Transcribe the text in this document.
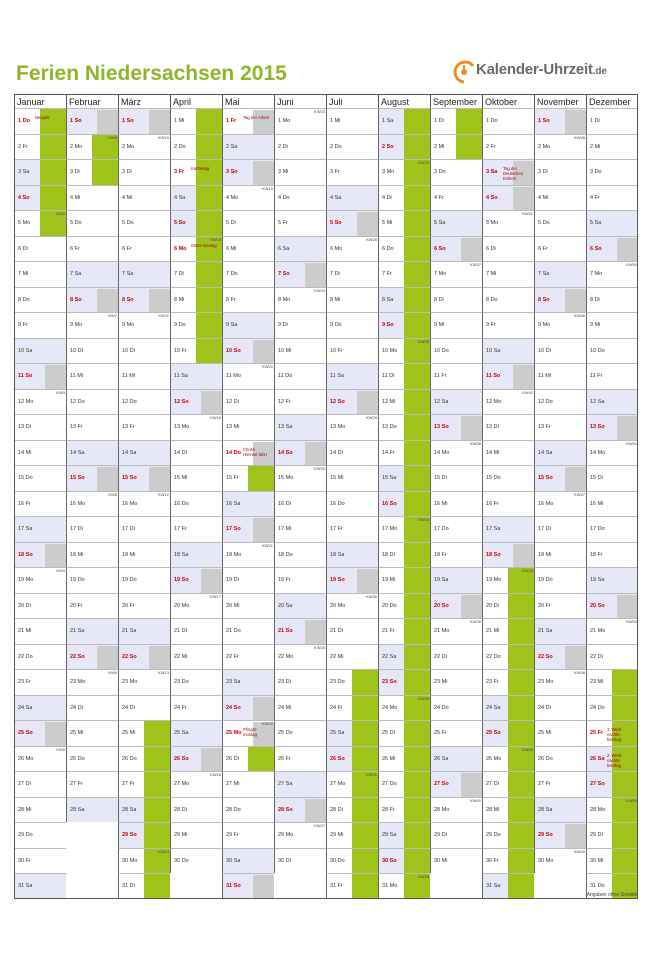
Ferien Niedersachsen 2015	Kalender-Uhrzeit.de
Januar
1 Do
Neujahr
2 Fr
3 Sa
4 So
5 Mo
KW2
6 Di
7 Mi
8 Do
9 Fr
10 Sa
11 So
12 Mo
KW3
13 Di
14 Mi
15 Do
16 Fr
17 Sa
18 So
19 Mo
KW4
20 Di
21 Mi
22 Do
23 Fr
24 Sa
25 So
26 Mo
KW5
27 Di
28 Mi
29 Do
30 Fr
31 Sa
Februar
1 So
2 Mo
KW6
3 Di
4 Mi
5 Do
6 Fr
7 Sa
8 So
9 Mo
KW7
10 Di
11 Mi
12 Do
13 Fr
14 Sa
15 So
16 Mo
KW8
17 Di
18 Mi
19 Do
20 Fr
21 Sa
22 So
23 Mo
KW9
24 Di
25 Mi
26 Do
27 Fr
28 Sa
März
1 So
2 Mo
KW10
3 Di
4 Mi
5 Do
6 Fr
7 Sa
8 So
9 Mo
KW11
10 Di
11 Mi
12 Do
13 Fr
14 Sa
15 So
16 Mo
KW12
17 Di
18 Mi
19 Do
20 Fr
21 Sa
22 So
23 Mo
KW13
24 Di
25 Mi
26 Do
27 Fr
28 Sa
29 So
30 Mo
KW14
31 Di
April
1 Mi
2 Do
3 Fr
Karfreitag
4 Sa
5 So
6 Mo
KW15
Oster-montag
7 Di
8 Mi
9 Do
10 Fr
11 Sa
12 So
13 Mo
KW16
14 Di
15 Mi
16 Do
17 Fr
18 Sa
19 So
20 Mo
KW17
21 Di
22 Mi
23 Do
24 Fr
25 Sa
26 So
27 Mo
KW18
28 Di
29 Mi
30 Do
Mai
1 Fr
Tag der Arbeit
2 Sa
3 So
4 Mo
KW19
5 Di
6 Mi
7 Do
8 Fr
9 Sa
10 So
11 Mo
KW20
12 Di
13 Mi
14 Do
Christi Himmel-fahrt
15 Fr
16 Sa
17 So
18 Mo
KW21
19 Di
20 Mi
21 Do
22 Fr
23 Sa
24 So
25 Mo
KW22
Pfingst-montag
26 Di
27 Mi
28 Do
29 Fr
30 Sa
31 So
Juni
1 Mo
KW23
2 Di
3 Mi
4 Do
5 Fr
6 Sa
7 So
8 Mo
KW24
9 Di
10 Mi
11 Do
12 Fr
13 Sa
14 So
15 Mo
KW25
16 Di
17 Mi
18 Do
19 Fr
20 Sa
21 So
22 Mo
KW26
23 Di
24 Mi
25 Do
26 Fr
27 Sa
28 So
29 Mo
KW27
30 Di
Juli
1 Mi
2 Do
3 Fr
4 Sa
5 So
6 Mo
KW28
7 Di
8 Mi
9 Do
10 Fr
11 Sa
12 So
13 Mo
KW29
14 Di
15 Mi
16 Do
17 Fr
18 Sa
19 So
20 Mo
KW30
21 Di
22 Mi
23 Do
24 Fr
25 Sa
26 So
27 Mo
KW31
28 Di
29 Mi
30 Do
31 Fr
August
1 Sa
2 So
3 Mo
KW32
4 Di
5 Mi
6 Do
7 Fr
8 Sa
9 So
10 Mo
KW33
11 Di
12 Mi
13 Do
14 Fr
15 Sa
16 So
17 Mo
KW34
18 Di
19 Mi
20 Do
21 Fr
22 Sa
23 So
24 Mo
KW35
25 Di
26 Mi
27 Do
28 Fr
29 Sa
30 So
31 Mo
KW36
September
1 Di
2 Mi
3 Do
4 Fr
5 Sa
6 So
7 Mo
KW37
8 Di
9 Mi
10 Do
11 Fr
12 Sa
13 So
14 Mo
KW38
15 Di
16 Mi
17 Do
18 Fr
19 Sa
20 So
21 Mo
KW39
22 Di
23 Mi
24 Do
25 Fr
26 Sa
27 So
28 Mo
KW40
29 Di
30 Mi
Oktober
1 Do
2 Fr
3 Sa
Tag der Deutschen Einheit
4 So
5 Mo
KW41
6 Di
7 Mi
8 Do
9 Fr
10 Sa
11 So
12 Mo
KW42
13 Di
14 Mi
15 Do
16 Fr
17 Sa
18 So
19 Mo
KW43
20 Di
21 Mi
22 Do
23 Fr
24 Sa
25 So
26 Mo
KW44
27 Di
28 Mi
29 Do
30 Fr
31 Sa
November
1 So
2 Mo
KW45
3 Di
4 Mi
5 Do
6 Fr
7 Sa
8 So
9 Mo
KW46
10 Di
11 Mi
12 Do
13 Fr
14 Sa
15 So
16 Mo
KW47
17 Di
18 Mi
19 Do
20 Fr
21 Sa
22 So
23 Mo
KW48
24 Di
25 Mi
26 Do
27 Fr
28 Sa
29 So
30 Mo
KW49
Dezember
1 Di
2 Mi
3 Do
4 Fr
5 Sa
6 So
7 Mo
KW50
8 Di
9 Mi
10 Do
11 Fr
12 Sa
13 So
14 Mo
KW51
15 Di
16 Mi
17 Do
18 Fr
19 Sa
20 So
21 Mo
KW52
22 Di
23 Mi
24 Do
25 Fr
1. Weih-nachts-feiertag
26 Sa
2. Weih-nachts-feiertag
27 So
28 Mo
KW53
29 Di
30 Mi
31 Do
Angaben ohne Gewähr
